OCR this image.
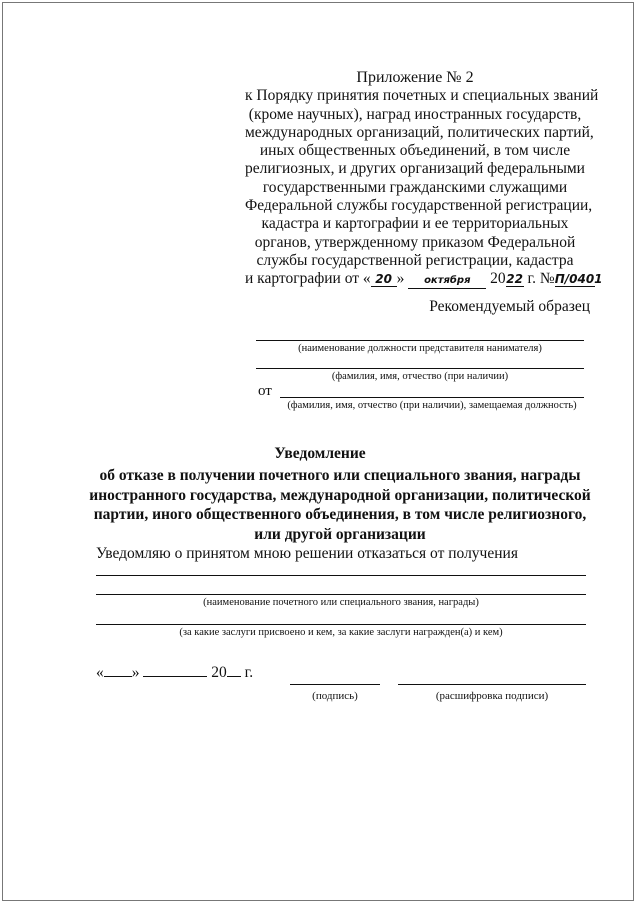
Приложение № 2
к Порядку принятия почетных и специальных званий
(кроме научных), наград иностранных государств,
международных организаций, политических партий,
иных общественных объединений, в том числе
религиозных, и других организаций федеральными
государственными гражданскими служащими
Федеральной службы государственной регистрации,
кадастра и картографии и ее территориальных
органов, утвержденному приказом Федеральной
службы государственной регистрации, кадастра
и картографии от « 20 » октября 2022 г. №П/0401
Рекомендуемый образец
(наименование должности представителя нанимателя)
(фамилия, имя, отчество (при наличии)
от
(фамилия, имя, отчество (при наличии), замещаемая должность)
Уведомление
об отказе в получении почетного или специального звания, награды
иностранного государства, международной организации, политической
партии, иного общественного объединения, в том числе религиозного,
или другой организации
Уведомляю о принятом мною решении отказаться от получения
(наименование почетного или специального звания, награды)
(за какие заслуги присвоено и кем, за какие заслуги награжден(а) и кем)
« »	20 г.
(подпись)	(расшифровка подписи)
